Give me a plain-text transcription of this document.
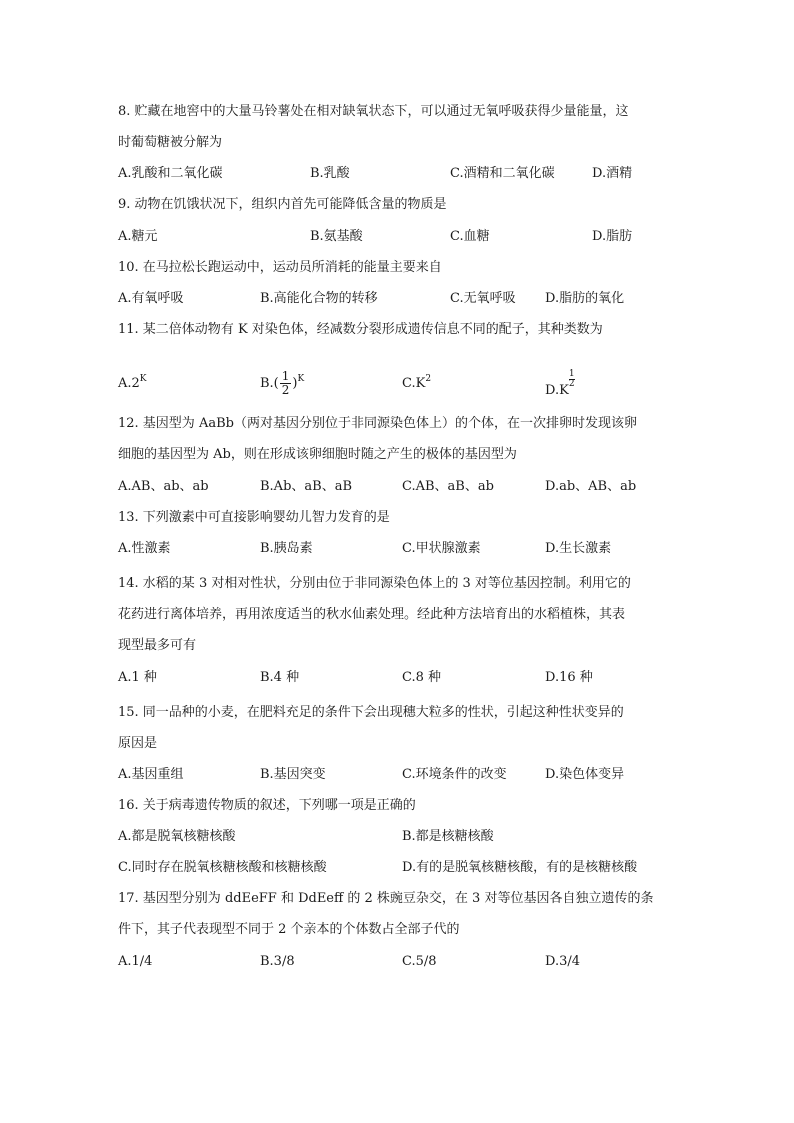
8. 贮藏在地窖中的大量马铃薯处在相对缺氧状态下，可以通过无氧呼吸获得少量能量，这
时葡萄糖被分解为
A.乳酸和二氧化碳	B.乳酸	C.酒精和二氧化碳	D.酒精
9. 动物在饥饿状况下，组织内首先可能降低含量的物质是
A.糖元	B.氨基酸	C.血糖	D.脂肪
10. 在马拉松长跑运动中，运动员所消耗的能量主要来自
A.有氧呼吸	B.高能化合物的转移	C.无氧呼吸 D.脂肪的氧化
11. 某二倍体动物有 K 对染色体，经减数分裂形成遗传信息不同的配子，其种类数为
$A.2^K$	$B.( \frac{1}{2} )^K$	$C.K^2$
D.K
$\frac{1}{2}$
12. 基因型为 AaBb（两对基因分别位于非同源染色体上）的个体，在一次排卵时发现该卵
细胞的基因型为 Ab，则在形成该卵细胞时随之产生的极体的基因型为
A.AB、ab、ab	B.Ab、aB、aB	C.AB、aB、ab	D.ab、AB、ab
13. 下列激素中可直接影响婴幼儿智力发育的是
A.性激素	B.胰岛素	C.甲状腺激素	D.生长激素
14. 水稻的某 3 对相对性状，分别由位于非同源染色体上的 3 对等位基因控制。利用它的
花药进行离体培养，再用浓度适当的秋水仙素处理。经此种方法培育出的水稻植株，其表
现型最多可有
A.1 种	B.4 种	C.8 种	D.16 种
15. 同一品种的小麦，在肥料充足的条件下会出现穗大粒多的性状，引起这种性状变异的
原因是
A.基因重组	B.基因突变	C.环境条件的改变	D.染色体变异
16. 关于病毒遗传物质的叙述，下列哪一项是正确的
A.都是脱氧核糖核酸	B.都是核糖核酸
C.同时存在脱氧核糖核酸和核糖核酸	D.有的是脱氧核糖核酸，有的是核糖核酸
17. 基因型分别为 ddEeFF 和 DdEeff 的 2 株豌豆杂交，在 3 对等位基因各自独立遗传的条
件下，其子代表现型不同于 2 个亲本的个体数占全部子代的
A.1/4	B.3/8	C.5/8	D.3/4
